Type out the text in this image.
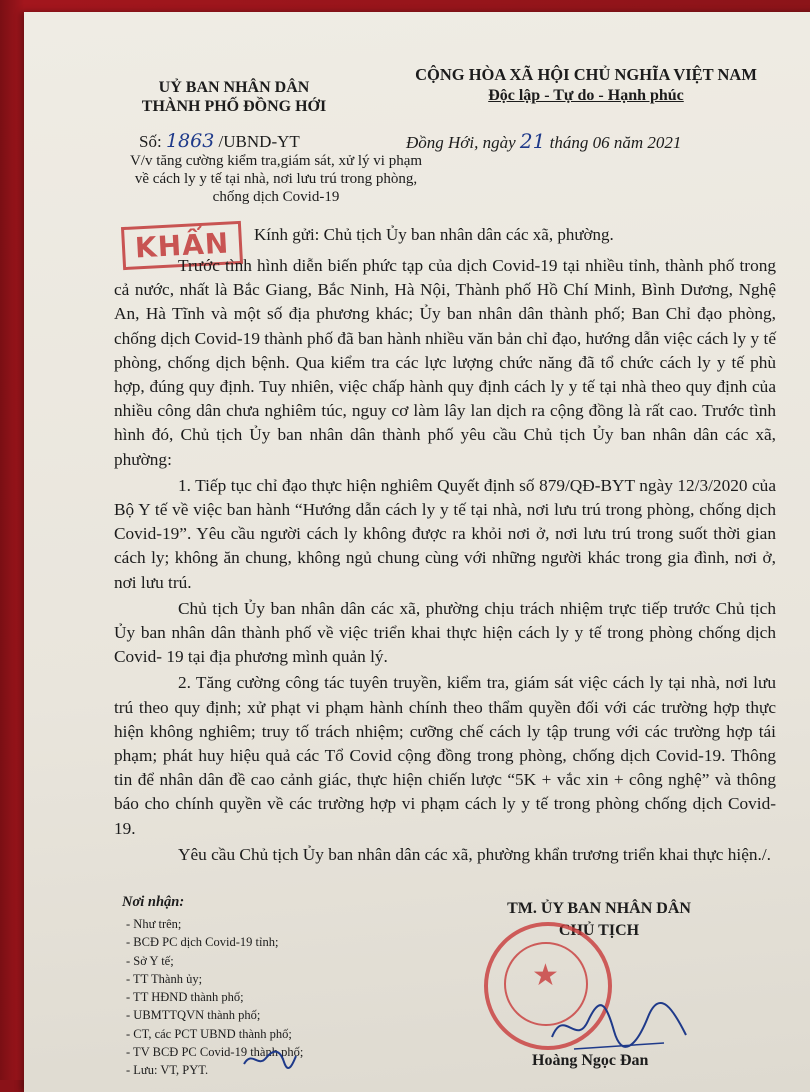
UỶ BAN NHÂN DÂN
THÀNH PHỐ ĐỒNG HỚI
CỘNG HÒA XÃ HỘI CHỦ NGHĨA VIỆT NAM
Độc lập - Tự do - Hạnh phúc
Số: 1863 /UBND-YT	Đồng Hới, ngày 21 tháng 06 năm 2021
V/v tăng cường kiểm tra,giám sát, xử lý vi phạm về cách ly y tế tại nhà, nơi lưu trú trong phòng, chống dịch Covid-19
KHẨN	Kính gửi: Chủ tịch Ủy ban nhân dân các xã, phường.

Trước tình hình diễn biến phức tạp của dịch Covid-19 tại nhiều tỉnh, thành phố trong cả nước, nhất là Bắc Giang, Bắc Ninh, Hà Nội, Thành phố Hồ Chí Minh, Bình Dương, Nghệ An, Hà Tĩnh và một số địa phương khác; Ủy ban nhân dân thành phố; Ban Chỉ đạo phòng, chống dịch Covid-19 thành phố đã ban hành nhiều văn bản chỉ đạo, hướng dẫn việc cách ly y tế phòng, chống dịch bệnh. Qua kiểm tra các lực lượng chức năng đã tổ chức cách ly y tế phù hợp, đúng quy định. Tuy nhiên, việc chấp hành quy định cách ly y tế tại nhà theo quy định của nhiều công dân chưa nghiêm túc, nguy cơ làm lây lan dịch ra cộng đồng là rất cao. Trước tình hình đó, Chủ tịch Ủy ban nhân dân thành phố yêu cầu Chủ tịch Ủy ban nhân dân các xã, phường:

1. Tiếp tục chỉ đạo thực hiện nghiêm Quyết định số 879/QĐ-BYT ngày 12/3/2020 của Bộ Y tế về việc ban hành “Hướng dẫn cách ly y tế tại nhà, nơi lưu trú trong phòng, chống dịch Covid-19”. Yêu cầu người cách ly không được ra khỏi nơi ở, nơi lưu trú trong suốt thời gian cách ly; không ăn chung, không ngủ chung cùng với những người khác trong gia đình, nơi ở, nơi lưu trú.

Chủ tịch Ủy ban nhân dân các xã, phường chịu trách nhiệm trực tiếp trước Chủ tịch Ủy ban nhân dân thành phố về việc triển khai thực hiện cách ly y tế trong phòng chống dịch Covid- 19 tại địa phương mình quản lý.

2. Tăng cường công tác tuyên truyền, kiểm tra, giám sát việc cách ly tại nhà, nơi lưu trú theo quy định; xử phạt vi phạm hành chính theo thẩm quyền đối với các trường hợp thực hiện không nghiêm; truy tố trách nhiệm; cưỡng chế cách ly tập trung với các trường hợp tái phạm; phát huy hiệu quả các Tổ Covid cộng đồng trong phòng, chống dịch Covid-19. Thông tin để nhân dân đề cao cảnh giác, thực hiện chiến lược “5K + vắc xin + công nghệ” và thông báo cho chính quyền về các trường hợp vi phạm cách ly y tế trong phòng chống dịch Covid- 19.

Yêu cầu Chủ tịch Ủy ban nhân dân các xã, phường khẩn trương triển khai thực hiện./.

Nơi nhận:
- Như trên;
- BCĐ PC dịch Covid-19 tỉnh;
- Sở Y tế;
- TT Thành ủy;
- TT HĐND thành phố;
- UBMTTQVN thành phố;
- CT, các PCT UBND thành phố;
- TV BCĐ PC Covid-19 thành phố;
- Lưu: VT, PYT.
TM. ỦY BAN NHÂN DÂN
CHỦ TỊCH
★
Hoàng Ngọc Đan
